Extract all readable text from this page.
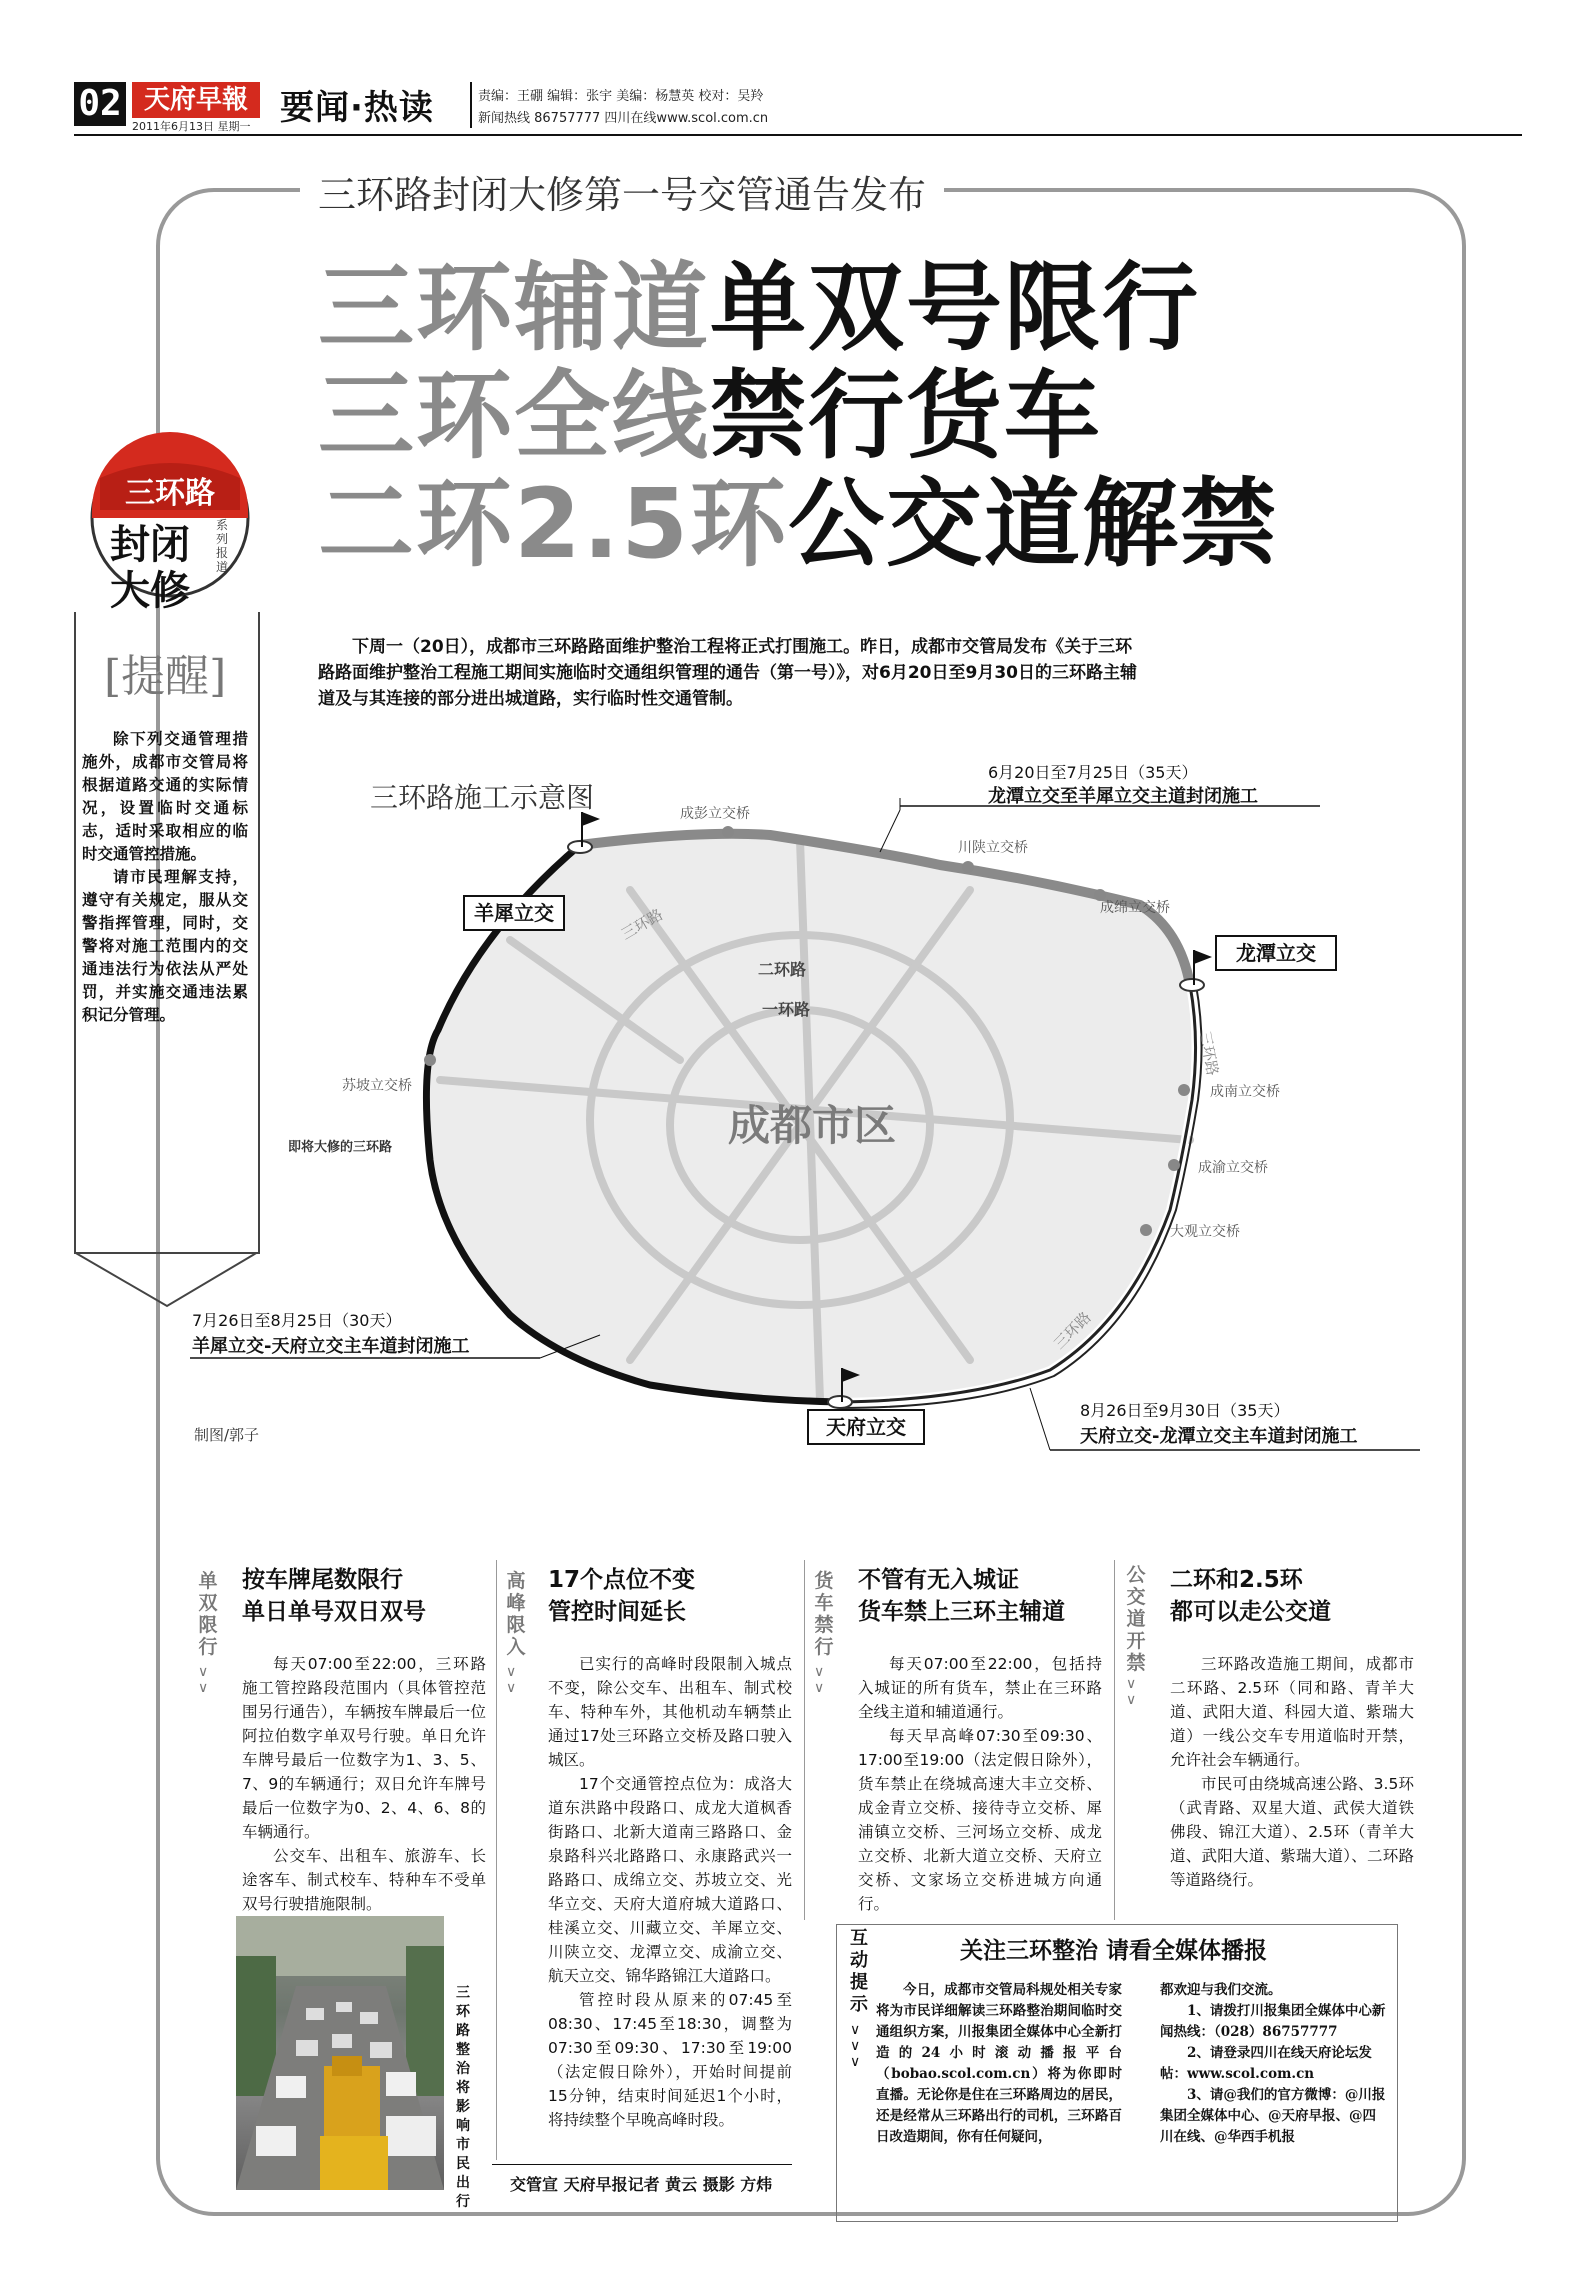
02 天府早報
2011年6月13日 星期一 要闻·热读	责编：王硼 编辑：张宇 美编：杨慧英 校对：吴羚
新闻热线 86757777 四川在线www.scol.com.cn
三环路封闭大修第一号交管通告发布
三环辅道单双号限行
三环全线禁行货车
二环2.5环公交道解禁
三环路
封闭
大修
系列报道
[提醒]

除下列交通管理措施外，成都市交管局将根据道路交通的实际情况，设置临时交通标志，适时采取相应的临时交通管控措施。

请市民理解支持，遵守有关规定，服从交警指挥管理，同时，交警将对施工范围内的交通违法行为依法从严处罚，并实施交通违法累积记分管理。

下周一（20日），成都市三环路路面维护整治工程将正式打围施工。昨日，成都市交管局发布《关于三环路路面维护整治工程施工期间实施临时交通组织管理的通告（第一号）》，对6月20日至9月30日的三环路主辅道及与其连接的部分进出城道路，实行临时性交通管制。
三环路施工示意图	成彭立交桥
川陕立交桥
成绵立交桥
成南立交桥
成渝立交桥
大观立交桥
苏坡立交桥
二环路
一环路
三环路
三环路
三环路
成都市区
羊犀立交
龙潭立交
天府立交
6月20日至7月25日（35天）
龙潭立交至羊犀立交主道封闭施工
7月26日至8月25日（30天）
羊犀立交-天府立交主车道封闭施工
8月26日至9月30日（35天）
天府立交-龙潭立交主车道封闭施工
即将大修的三环路
制图/郭子
单双限行
∨
∨
按车牌尾数限行
单日单号双日双号

每天07:00至22:00，三环路施工管控路段范围内（具体管控范围另行通告），车辆按车牌最后一位阿拉伯数字单双号行驶。单日允许车牌号最后一位数字为1、3、5、7、9的车辆通行；双日允许车牌号最后一位数字为0、2、4、6、8的车辆通行。

公交车、出租车、旅游车、长途客车、制式校车、特种车不受单双号行驶措施限制。

三环路整治将影响市民出行
高峰限入
∨
∨
17个点位不变
管控时间延长

已实行的高峰时段限制入城点不变，除公交车、出租车、制式校车、特种车外，其他机动车辆禁止通过17处三环路立交桥及路口驶入城区。

17个交通管控点位为：成洛大道东洪路中段路口、成龙大道枫香街路口、北新大道南三路路口、金泉路科兴北路路口、永康路武兴一路路口、成绵立交、苏坡立交、光华立交、天府大道府城大道路口、桂溪立交、川藏立交、羊犀立交、川陕立交、龙潭立交、成渝立交、航天立交、锦华路锦江大道路口。

管控时段从原来的07:45至08:30、17:45至18:30，调整为07:30至09:30、17:30至19:00（法定假日除外），开始时间提前15分钟，结束时间延迟1个小时，将持续整个早晚高峰时段。

交管宣 天府早报记者 黄云 摄影 方炜
货车禁行
∨
∨
不管有无入城证
货车禁上三环主辅道

每天07:00至22:00，包括持入城证的所有货车，禁止在三环路全线主道和辅道通行。

每天早高峰07:30至09:30、17:00至19:00（法定假日除外），货车禁止在绕城高速大丰立交桥、成金青立交桥、接待寺立交桥、犀浦镇立交桥、三河场立交桥、成龙立交桥、北新大道立交桥、天府立交桥、文家场立交桥进城方向通行。

公交道开禁
∨
∨
二环和2.5环
都可以走公交道

三环路改造施工期间，成都市二环路、2.5环（同和路、青羊大道、武阳大道、科园大道、紫瑞大道）一线公交车专用道临时开禁，允许社会车辆通行。

市民可由绕城高速公路、3.5环（武青路、双星大道、武侯大道铁佛段、锦江大道）、2.5环（青羊大道、武阳大道、紫瑞大道）、二环路等道路绕行。

互动提示
∨
∨
∨
关注三环整治 请看全媒体播报

今日，成都市交管局科规处相关专家将为市民详细解读三环路整治期间临时交通组织方案，川报集团全媒体中心全新打造的24小时滚动播报平台（bobao.scol.com.cn）将为你即时直播。无论你是住在三环路周边的居民，还是经常从三环路出行的司机，三环路百日改造期间，你有任何疑问，

都欢迎与我们交流。

1、请拨打川报集团全媒体中心新闻热线：（028）86757777

2、请登录四川在线天府论坛发帖：www.scol.com.cn

3、请@我们的官方微博：@川报集团全媒体中心、@天府早报、@四川在线、@华西手机报
